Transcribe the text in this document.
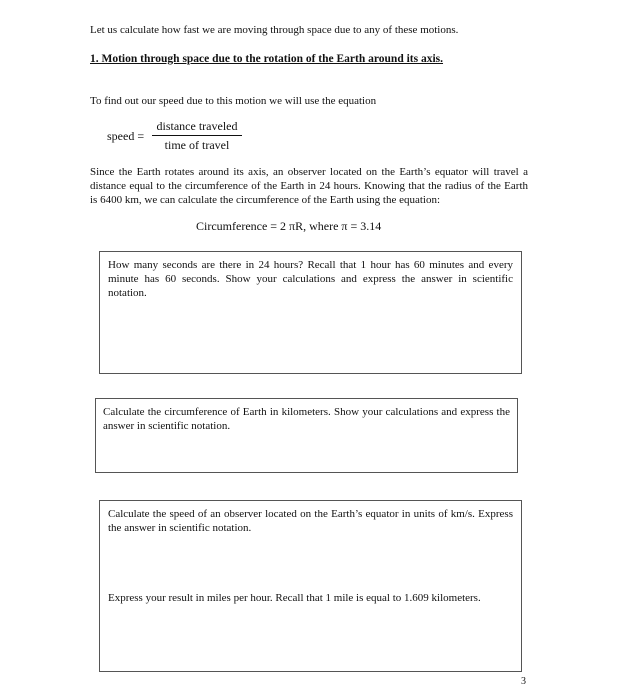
Let us calculate how fast we are moving through space due to any of these motions.
1. Motion through space due to the rotation of the Earth around its axis.
To find out our speed due to this motion we will use the equation
speed =
distance traveled
time of travel
Since the Earth rotates around its axis, an observer located on the Earth’s equator will travel a distance equal to the circumference of the Earth in 24 hours. Knowing that the radius of the Earth is 6400 km, we can calculate the circumference of the Earth using the equation:
Circumference = 2 πR, where π = 3.14
How many seconds are there in 24 hours? Recall that 1 hour has 60 minutes and every minute has 60 seconds. Show your calculations and express the answer in scientific notation.
Calculate the circumference of Earth in kilometers. Show your calculations and express the answer in scientific notation.
Calculate the speed of an observer located on the Earth’s equator in units of km/s. Express the answer in scientific notation.
Express your result in miles per hour. Recall that 1 mile is equal to 1.609 kilometers.
3
